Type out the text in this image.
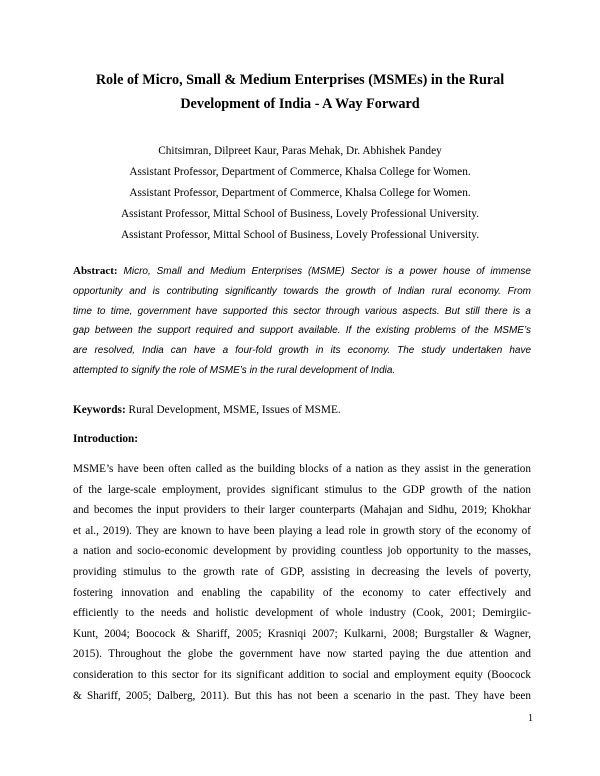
Role of Micro, Small & Medium Enterprises (MSMEs) in the Rural
Development of India - A Way Forward
Chitsimran, Dilpreet Kaur, Paras Mehak, Dr. Abhishek Pandey
Assistant Professor, Department of Commerce, Khalsa College for Women.
Assistant Professor, Department of Commerce, Khalsa College for Women.
Assistant Professor, Mittal School of Business, Lovely Professional University.
Assistant Professor, Mittal School of Business, Lovely Professional University.
Abstract: Micro, Small and Medium Enterprises (MSME) Sector is a power house of immense
opportunity and is contributing significantly towards the growth of Indian rural economy. From
time to time, government have supported this sector through various aspects. But still there is a
gap between the support required and support available. If the existing problems of the MSME’s
are resolved, India can have a four-fold growth in its economy. The study undertaken have
attempted to signify the role of MSME’s in the rural development of India.
Keywords: Rural Development, MSME, Issues of MSME.
Introduction:
MSME’s have been often called as the building blocks of a nation as they assist in the generation
of the large-scale employment, provides significant stimulus to the GDP growth of the nation
and becomes the input providers to their larger counterparts (Mahajan and Sidhu, 2019; Khokhar
et al., 2019). They are known to have been playing a lead role in growth story of the economy of
a nation and socio-economic development by providing countless job opportunity to the masses,
providing stimulus to the growth rate of GDP, assisting in decreasing the levels of poverty,
fostering innovation and enabling the capability of the economy to cater effectively and
efficiently to the needs and holistic development of whole industry (Cook, 2001; Demirgiic-
Kunt, 2004; Boocock & Shariff, 2005; Krasniqi 2007; Kulkarni, 2008; Burgstaller & Wagner,
2015). Throughout the globe the government have now started paying the due attention and
consideration to this sector for its significant addition to social and employment equity (Boocock
& Shariff, 2005; Dalberg, 2011). But this has not been a scenario in the past. They have been
1
